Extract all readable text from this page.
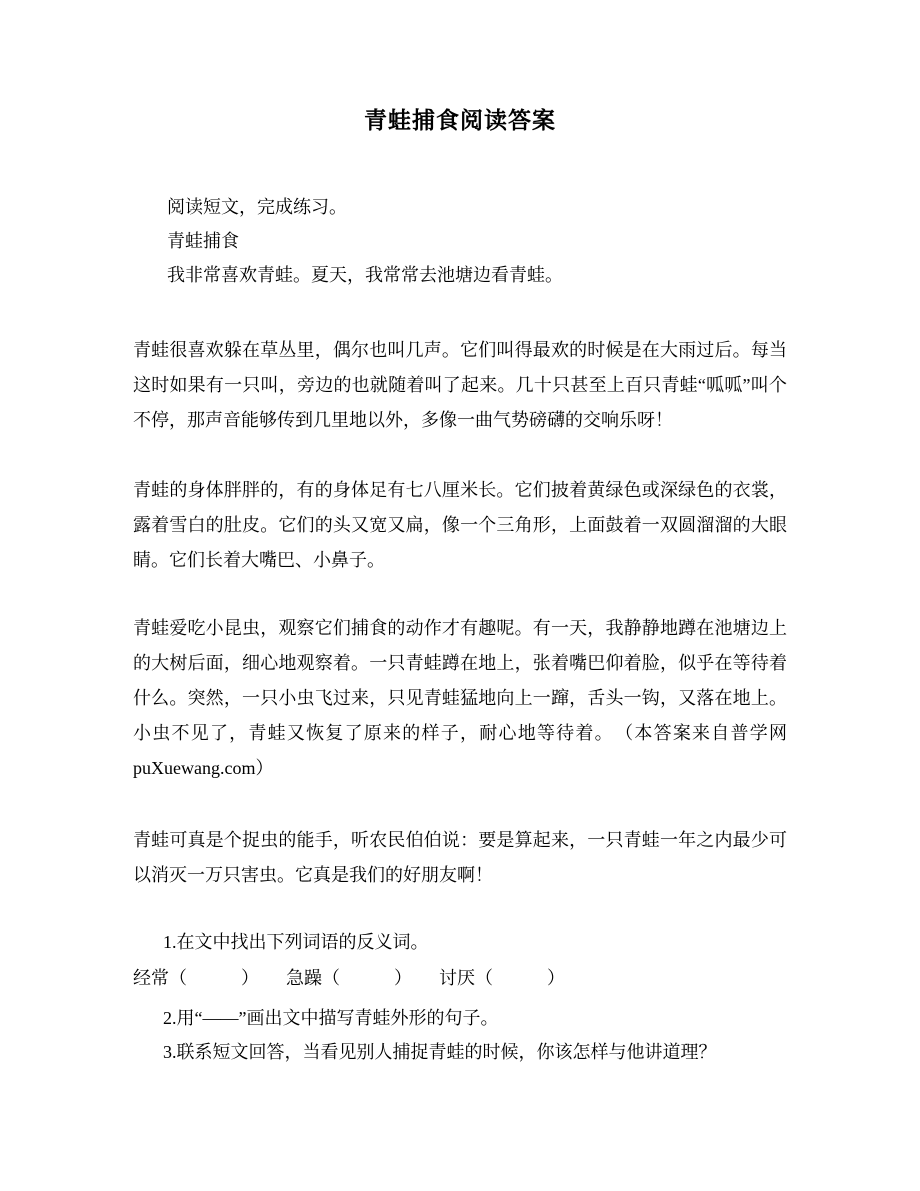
青蛙捕食阅读答案

阅读短文，完成练习。

青蛙捕食

我非常喜欢青蛙。夏天，我常常去池塘边看青蛙。

青蛙很喜欢躲在草丛里，偶尔也叫几声。它们叫得最欢的时候是在大雨过后。每当这时如果有一只叫，旁边的也就随着叫了起来。几十只甚至上百只青蛙“呱呱”叫个不停，那声音能够传到几里地以外，多像一曲气势磅礴的交响乐呀！

青蛙的身体胖胖的，有的身体足有七八厘米长。它们披着黄绿色或深绿色的衣裳，露着雪白的肚皮。它们的头又宽又扁，像一个三角形，上面鼓着一双圆溜溜的大眼睛。它们长着大嘴巴、小鼻子。

青蛙爱吃小昆虫，观察它们捕食的动作才有趣呢。有一天，我静静地蹲在池塘边上的大树后面，细心地观察着。一只青蛙蹲在地上，张着嘴巴仰着脸，似乎在等待着什么。突然，一只小虫飞过来，只见青蛙猛地向上一蹿，舌头一钩，又落在地上。小虫不见了，青蛙又恢复了原来的样子，耐心地等待着。　（本答案来自普学网 puXuewang.com）

青蛙可真是个捉虫的能手，听农民伯伯说：要是算起来，一只青蛙一年之内最少可以消灭一万只害虫。它真是我们的好朋友啊！

1.在文中找出下列词语的反义词。

经常（　　　）　　急躁（　　　）　　讨厌（　　　）

2.用“——”画出文中描写青蛙外形的句子。

3.联系短文回答，当看见别人捕捉青蛙的时候，你该怎样与他讲道理？
